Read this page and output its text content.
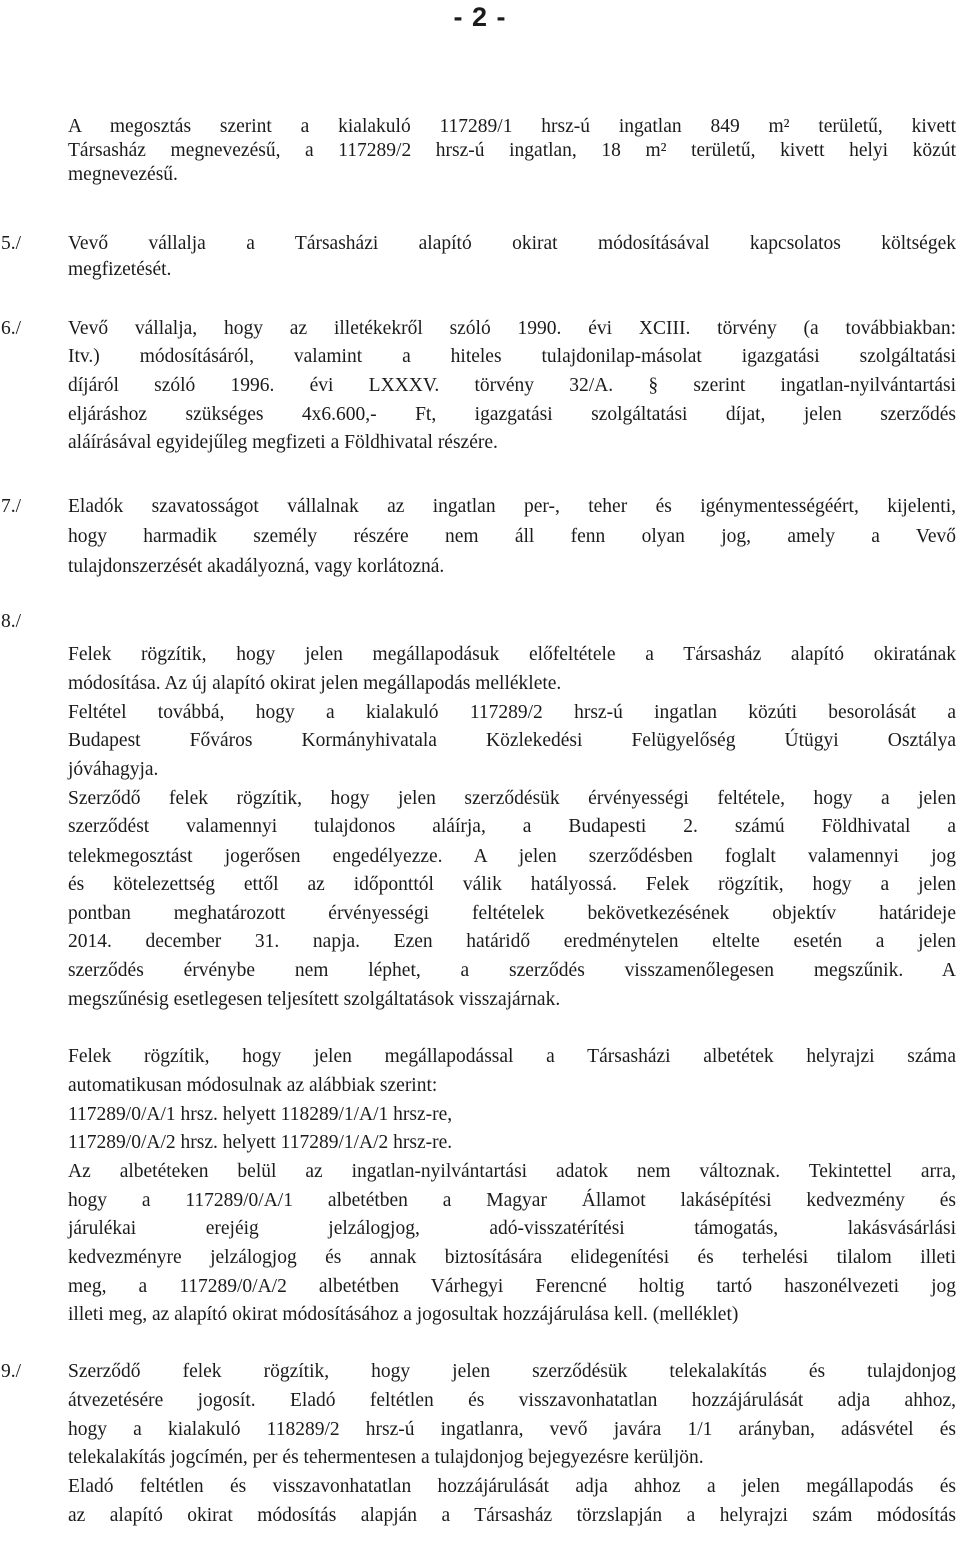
- 2 -
A megosztás szerint a kialakuló 117289/1 hrsz-ú ingatlan 849 m² területű, kivett
Társasház megnevezésű, a 117289/2 hrsz-ú ingatlan, 18 m² területű, kivett helyi közút
megnevezésű.
5./	Vevő vállalja a Társasházi alapító okirat módosításával kapcsolatos költségek
megfizetését.
6./	Vevő vállalja, hogy az illetékekről szóló 1990. évi XCIII. törvény (a továbbiakban:
Itv.) módosításáról, valamint a hiteles tulajdonilap-másolat igazgatási szolgáltatási
díjáról szóló 1996. évi LXXXV. törvény 32/A. § szerint ingatlan-nyilvántartási
eljáráshoz szükséges 4x6.600,- Ft, igazgatási szolgáltatási díjat, jelen szerződés
aláírásával egyidejűleg megfizeti a Földhivatal részére.
7./	Eladók szavatosságot vállalnak az ingatlan per-, teher és igénymentességéért, kijelenti,
hogy harmadik személy részére nem áll fenn olyan jog, amely a Vevő
tulajdonszerzését akadályozná, vagy korlátozná.
8./
Felek rögzítik, hogy jelen megállapodásuk előfeltétele a Társasház alapító okiratának
módosítása. Az új alapító okirat jelen megállapodás melléklete.
Feltétel továbbá, hogy a kialakuló 117289/2 hrsz-ú ingatlan közúti besorolását a
Budapest Főváros Kormányhivatala Közlekedési Felügyelőség Útügyi Osztálya
jóváhagyja.
Szerződő felek rögzítik, hogy jelen szerződésük érvényességi feltétele, hogy a jelen
szerződést valamennyi tulajdonos aláírja, a Budapesti 2. számú Földhivatal a
telekmegosztást jogerősen engedélyezze. A jelen szerződésben foglalt valamennyi jog
és kötelezettség ettől az időponttól válik hatályossá. Felek rögzítik, hogy a jelen
pontban meghatározott érvényességi feltételek bekövetkezésének objektív határideje
2014. december 31. napja. Ezen határidő eredménytelen eltelte esetén a jelen
szerződés érvénybe nem léphet, a szerződés visszamenőlegesen megszűnik. A
megszűnésig esetlegesen teljesített szolgáltatások visszajárnak.
Felek rögzítik, hogy jelen megállapodással a Társasházi albetétek helyrajzi száma
automatikusan módosulnak az alábbiak szerint:
117289/0/A/1 hrsz. helyett 118289/1/A/1 hrsz-re,
117289/0/A/2 hrsz. helyett 117289/1/A/2 hrsz-re.
Az albetéteken belül az ingatlan-nyilvántartási adatok nem változnak. Tekintettel arra,
hogy a 117289/0/A/1 albetétben a Magyar Államot lakásépítési kedvezmény és
járulékai erejéig jelzálogjog, adó-visszatérítési támogatás, lakásvásárlási
kedvezményre jelzálogjog és annak biztosítására elidegenítési és terhelési tilalom illeti
meg, a 117289/0/A/2 albetétben Várhegyi Ferencné holtig tartó haszonélvezeti jog
illeti meg, az alapító okirat módosításához a jogosultak hozzájárulása kell. (melléklet)
9./	Szerződő felek rögzítik, hogy jelen szerződésük telekalakítás és tulajdonjog
átvezetésére jogosít. Eladó feltétlen és visszavonhatatlan hozzájárulását adja ahhoz,
hogy a kialakuló 118289/2 hrsz-ú ingatlanra, vevő javára 1/1 arányban, adásvétel és
telekalakítás jogcímén, per és tehermentesen a tulajdonjog bejegyezésre kerüljön.
Eladó feltétlen és visszavonhatatlan hozzájárulását adja ahhoz a jelen megállapodás és
az alapító okirat módosítás alapján a Társasház törzslapján a helyrajzi szám módosítás
